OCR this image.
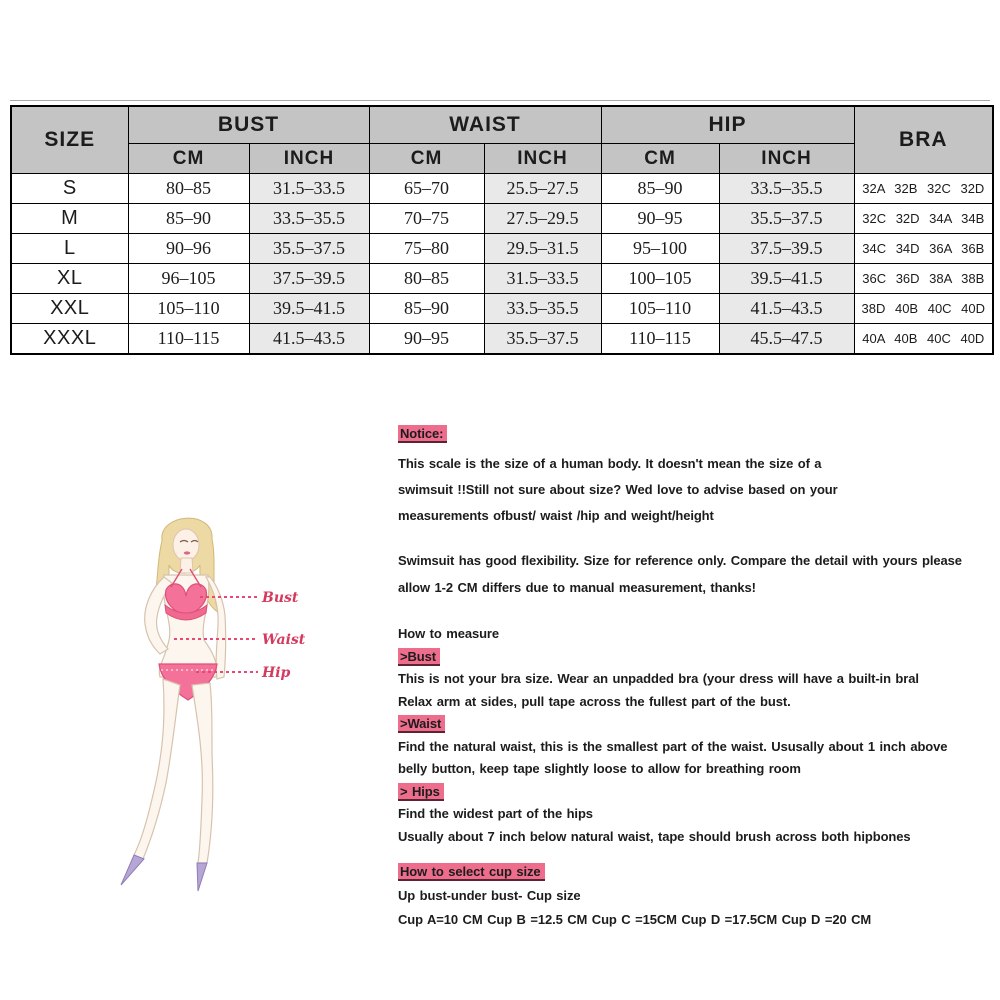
SIZE	BUST		WAIST		HIP		BRA
	CM	INCH	CM	INCH	CM	INCH	
S	80–85	31.5–33.5	65–70	25.5–27.5	85–90	33.5–35.5	32A 32B 32C 32D
M	85–90	33.5–35.5	70–75	27.5–29.5	90–95	35.5–37.5	32C 32D 34A 34B
L	90–96	35.5–37.5	75–80	29.5–31.5	95–100	37.5–39.5	34C 34D 36A 36B
XL	96–105	37.5–39.5	80–85	31.5–33.5	100–105	39.5–41.5	36C 36D 38A 38B
XXL	105–110	39.5–41.5	85–90	33.5–35.5	105–110	41.5–43.5	38D 40B 40C 40D
XXXL	110–115	41.5–43.5	90–95	35.5–37.5	110–115	45.5–47.5	40A 40B 40C 40D
Bust
Waist
Hip
Notice:
This scale is the size of a human body. It doesn't mean the size of a
swimsuit !!Still not sure about size? Wed love to advise based on your
measurements ofbust/ waist /hip and weight/height
Swimsuit has good flexibility. Size for reference only. Compare the detail with yours please
allow 1-2 CM differs due to manual measurement, thanks!
How to measure
>Bust
This is not your bra size. Wear an unpadded bra (your dress will have a built-in bral
Relax arm at sides, pull tape across the fullest part of the bust.
>Waist
Find the natural waist, this is the smallest part of the waist. Ususally about 1 inch above
belly button, keep tape slightly loose to allow for breathing room
> Hips
Find the widest part of the hips
Usually about 7 inch below natural waist, tape should brush across both hipbones
How to select cup size
Up bust-under bust- Cup size
Cup A=10 CM Cup B =12.5 CM Cup C =15CM Cup D =17.5CM Cup D =20 CM
